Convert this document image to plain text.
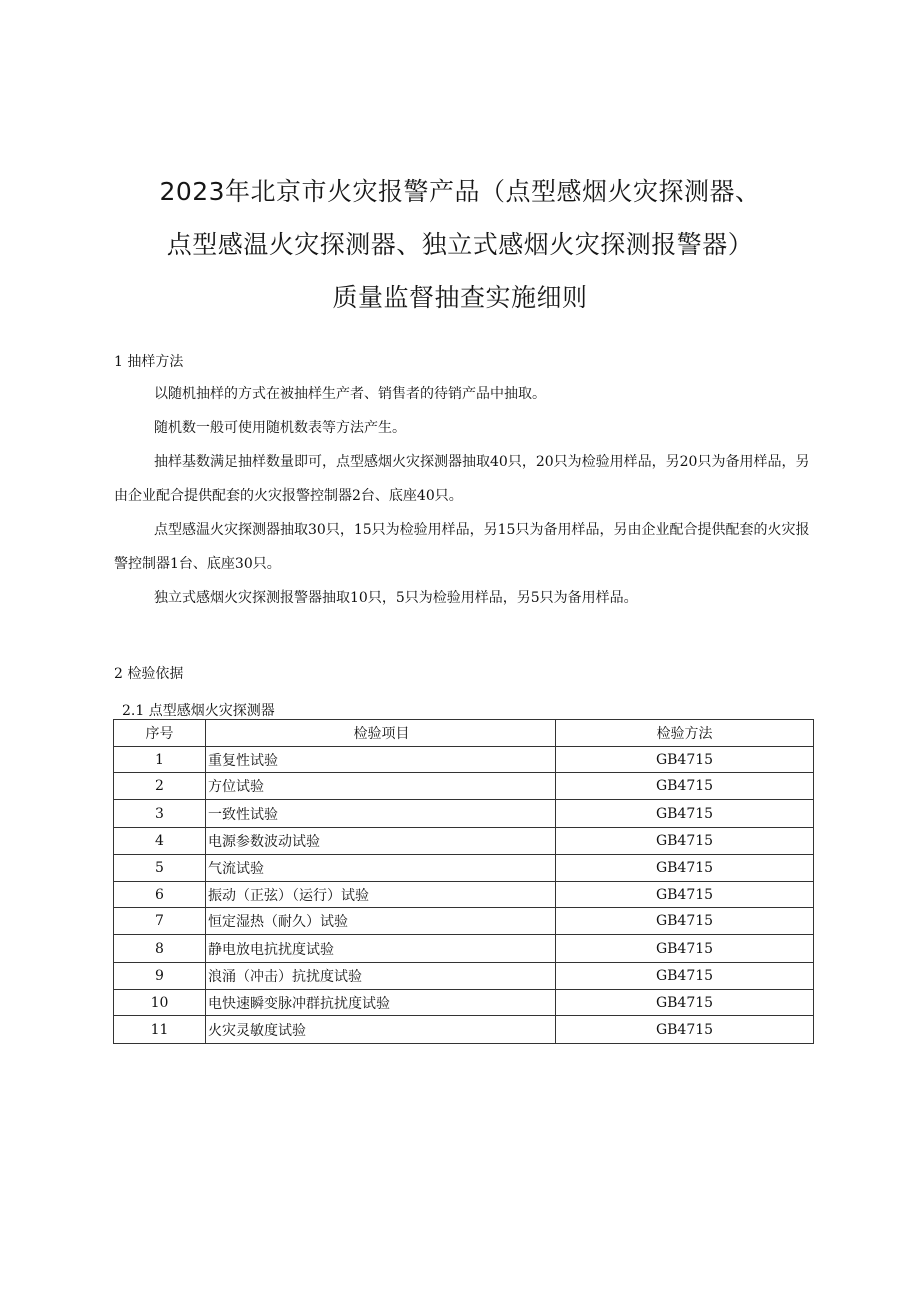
2023年北京市火灾报警产品（点型感烟火灾探测器、
点型感温火灾探测器、独立式感烟火灾探测报警器）
质量监督抽查实施细则
1 抽样方法

以随机抽样的方式在被抽样生产者、销售者的待销产品中抽取。

随机数一般可使用随机数表等方法产生。

抽样基数满足抽样数量即可，点型感烟火灾探测器抽取40只，20只为检验用样品，另20只为备用样品，另由企业配合提供配套的火灾报警控制器2台、底座40只。

点型感温火灾探测器抽取30只，15只为检验用样品，另15只为备用样品，另由企业配合提供配套的火灾报警控制器1台、底座30只。

独立式感烟火灾探测报警器抽取10只，5只为检验用样品，另5只为备用样品。

2 检验依据
2.1 点型感烟火灾探测器
序号	检验项目	检验方法
1	重复性试验	GB4715
2	方位试验	GB4715
3	一致性试验	GB4715
4	电源参数波动试验	GB4715
5	气流试验	GB4715
6	振动（正弦）（运行）试验	GB4715
7	恒定湿热（耐久）试验	GB4715
8	静电放电抗扰度试验	GB4715
9	浪涌（冲击）抗扰度试验	GB4715
10	电快速瞬变脉冲群抗扰度试验	GB4715
11	火灾灵敏度试验	GB4715
